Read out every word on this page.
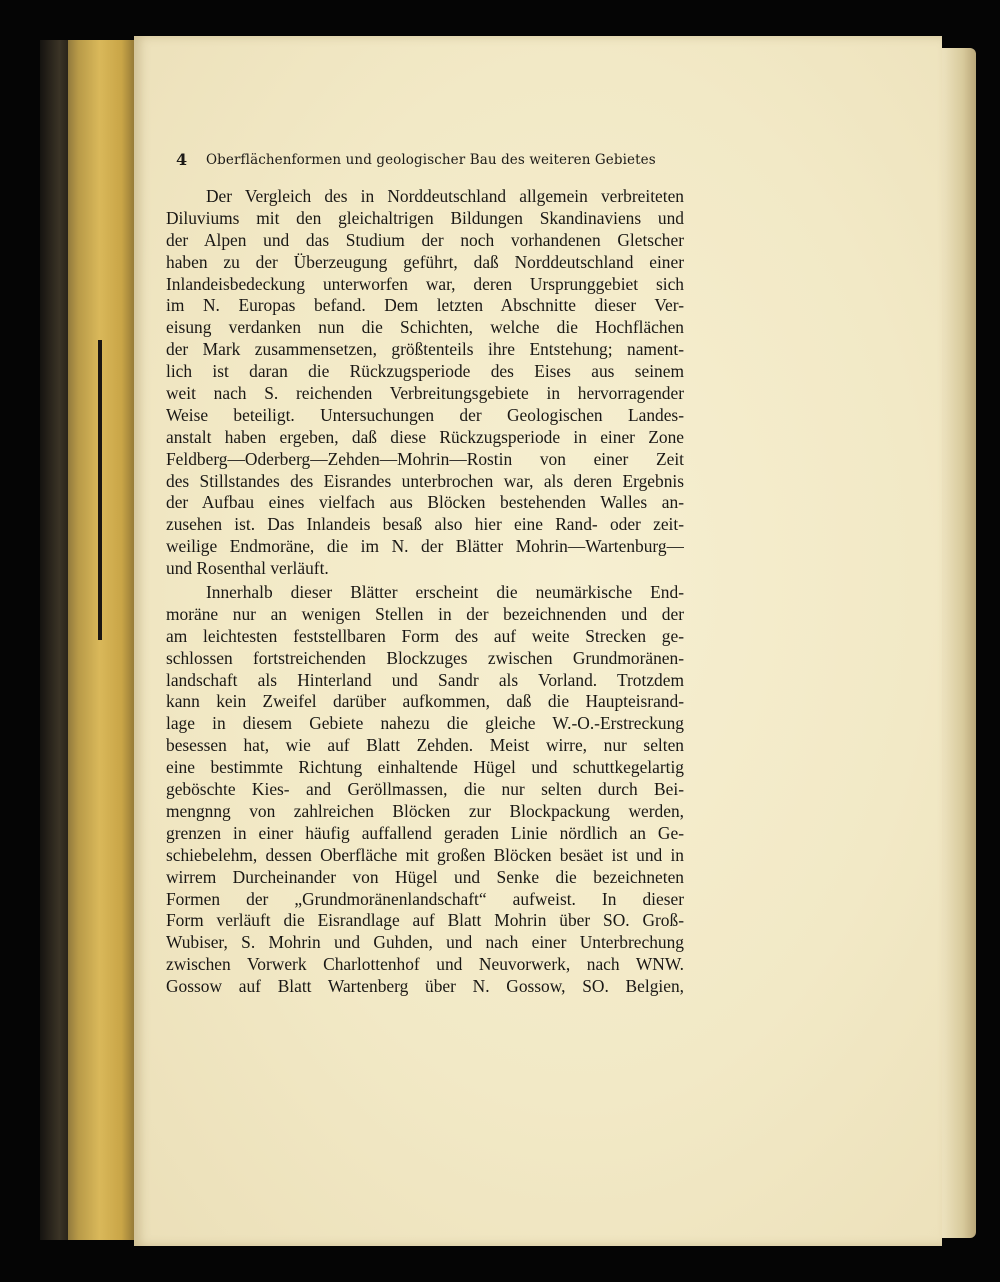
4 Oberflächenformen und geologischer Bau des weiteren Gebietes
Der Vergleich des in Norddeutschland allgemein verbreiteten
Diluviums mit den gleichaltrigen Bildungen Skandinaviens und
der Alpen und das Studium der noch vorhandenen Gletscher
haben zu der Überzeugung geführt, daß Norddeutschland einer
Inlandeisbedeckung unterworfen war, deren Ursprunggebiet sich
im N. Europas befand. Dem letzten Abschnitte dieser Ver-
eisung verdanken nun die Schichten, welche die Hochflächen
der Mark zusammensetzen, größtenteils ihre Entstehung; nament-
lich ist daran die Rückzugsperiode des Eises aus seinem
weit nach S. reichenden Verbreitungsgebiete in hervorragender
Weise beteiligt. Untersuchungen der Geologischen Landes-
anstalt haben ergeben, daß diese Rückzugsperiode in einer Zone
Feldberg—Oderberg—Zehden—Mohrin—Rostin von einer Zeit
des Stillstandes des Eisrandes unterbrochen war, als deren Ergebnis
der Aufbau eines vielfach aus Blöcken bestehenden Walles an-
zusehen ist. Das Inlandeis besaß also hier eine Rand- oder zeit-
weilige Endmoräne, die im N. der Blätter Mohrin—Wartenburg—
und Rosenthal verläuft.
Innerhalb dieser Blätter erscheint die neumärkische End-
moräne nur an wenigen Stellen in der bezeichnenden und der
am leichtesten feststellbaren Form des auf weite Strecken ge-
schlossen fortstreichenden Blockzuges zwischen Grundmoränen-
landschaft als Hinterland und Sandr als Vorland. Trotzdem
kann kein Zweifel darüber aufkommen, daß die Haupteisrand-
lage in diesem Gebiete nahezu die gleiche W.-O.-Erstreckung
besessen hat, wie auf Blatt Zehden. Meist wirre, nur selten
eine bestimmte Richtung einhaltende Hügel und schuttkegelartig
geböschte Kies- and Geröllmassen, die nur selten durch Bei-
mengnng von zahlreichen Blöcken zur Blockpackung werden,
grenzen in einer häufig auffallend geraden Linie nördlich an Ge-
schiebelehm, dessen Oberfläche mit großen Blöcken besäet ist und in
wirrem Durcheinander von Hügel und Senke die bezeichneten
Formen der „Grundmoränenlandschaft“ aufweist. In dieser
Form verläuft die Eisrandlage auf Blatt Mohrin über SO. Groß-
Wubiser, S. Mohrin und Guhden, und nach einer Unterbrechung
zwischen Vorwerk Charlottenhof und Neuvorwerk, nach WNW.
Gossow auf Blatt Wartenberg über N. Gossow, SO. Belgien,
